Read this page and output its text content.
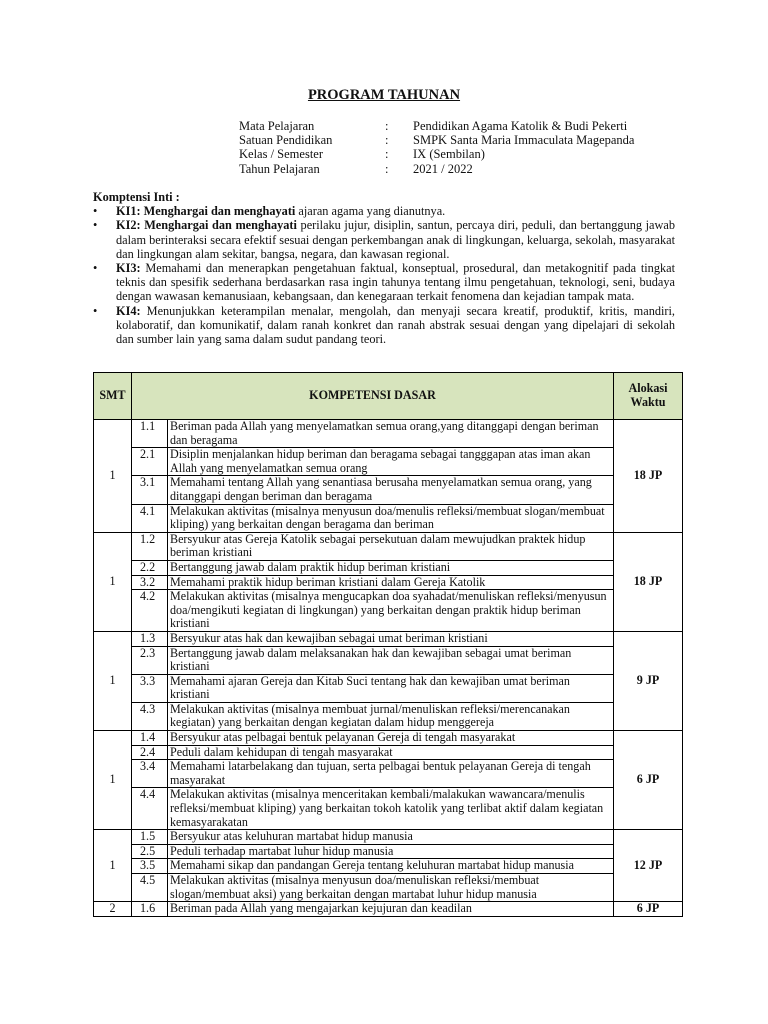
PROGRAM TAHUNAN
Mata Pelajaran	:	Pendidikan Agama Katolik & Budi Pekerti
Satuan Pendidikan	:	SMPK Santa Maria Immaculata Magepanda
Kelas / Semester	:	IX (Sembilan)
Tahun Pelajaran	:	2021 / 2022
Komptensi Inti :
• KI1: Menghargai dan menghayati ajaran agama yang dianutnya.
• KI2: Menghargai dan menghayati perilaku jujur, disiplin, santun, percaya diri, peduli, dan bertanggung jawab dalam berinteraksi secara efektif sesuai dengan perkembangan anak di lingkungan, keluarga, sekolah, masyarakat dan lingkungan alam sekitar, bangsa, negara, dan kawasan regional.
• KI3: Memahami dan menerapkan pengetahuan faktual, konseptual, prosedural, dan metakognitif pada tingkat teknis dan spesifik sederhana berdasarkan rasa ingin tahunya tentang ilmu pengetahuan, teknologi, seni, budaya dengan wawasan kemanusiaan, kebangsaan, dan kenegaraan terkait fenomena dan kejadian tampak mata.
• KI4: Menunjukkan keterampilan menalar, mengolah, dan menyaji secara kreatif, produktif, kritis, mandiri, kolaboratif, dan komunikatif, dalam ranah konkret dan ranah abstrak sesuai dengan yang dipelajari di sekolah dan sumber lain yang sama dalam sudut pandang teori.
SMT	KOMPETENSI DASAR		Alokasi
Waktu

1	1.1	Beriman pada Allah yang menyelamatkan semua orang,yang ditanggapi dengan beriman dan beragama	18 JP
	2.1	Disiplin menjalankan hidup beriman dan beragama sebagai tangggapan atas iman akan Allah yang menyelamatkan semua orang	
	3.1	Memahami tentang Allah yang senantiasa berusaha menyelamatkan semua orang, yang ditanggapi dengan beriman dan beragama	
	4.1	Melakukan aktivitas (misalnya menyusun doa/menulis refleksi/membuat slogan/membuat kliping) yang berkaitan dengan beragama dan beriman	
1	1.2	Bersyukur atas Gereja Katolik sebagai persekutuan dalam mewujudkan praktek hidup beriman kristiani	18 JP
	2.2	Bertanggung jawab dalam praktik hidup beriman kristiani	
	3.2	Memahami praktik hidup beriman kristiani dalam Gereja Katolik	
	4.2	Melakukan aktivitas (misalnya mengucapkan doa syahadat/menuliskan refleksi/menyusun doa/mengikuti kegiatan di lingkungan) yang berkaitan dengan praktik hidup beriman kristiani	
1	1.3	Bersyukur atas hak dan kewajiban sebagai umat beriman kristiani	9 JP
	2.3	Bertanggung jawab dalam melaksanakan hak dan kewajiban sebagai umat beriman kristiani	
	3.3	Memahami ajaran Gereja dan Kitab Suci tentang hak dan kewajiban umat beriman kristiani	
	4.3	Melakukan aktivitas (misalnya membuat jurnal/menuliskan refleksi/merencanakan kegiatan) yang berkaitan dengan kegiatan dalam hidup menggereja	
1	1.4	Bersyukur atas pelbagai bentuk pelayanan Gereja di tengah masyarakat	6 JP
	2.4	Peduli dalam kehidupan di tengah masyarakat	
	3.4	Memahami latarbelakang dan tujuan, serta pelbagai bentuk pelayanan Gereja di tengah masyarakat	
	4.4	Melakukan aktivitas (misalnya menceritakan kembali/malakukan wawancara/menulis refleksi/membuat kliping) yang berkaitan tokoh katolik yang terlibat aktif dalam kegiatan kemasyarakatan	
1	1.5	Bersyukur atas keluhuran martabat hidup manusia	12 JP
	2.5	Peduli terhadap martabat luhur hidup manusia	
	3.5	Memahami sikap dan pandangan Gereja tentang keluhuran martabat hidup manusia	
	4.5	Melakukan aktivitas (misalnya menyusun doa/menuliskan refleksi/membuat slogan/membuat aksi) yang berkaitan dengan martabat luhur hidup manusia	
2	1.6	Beriman pada Allah yang mengajarkan kejujuran dan keadilan	6 JP
